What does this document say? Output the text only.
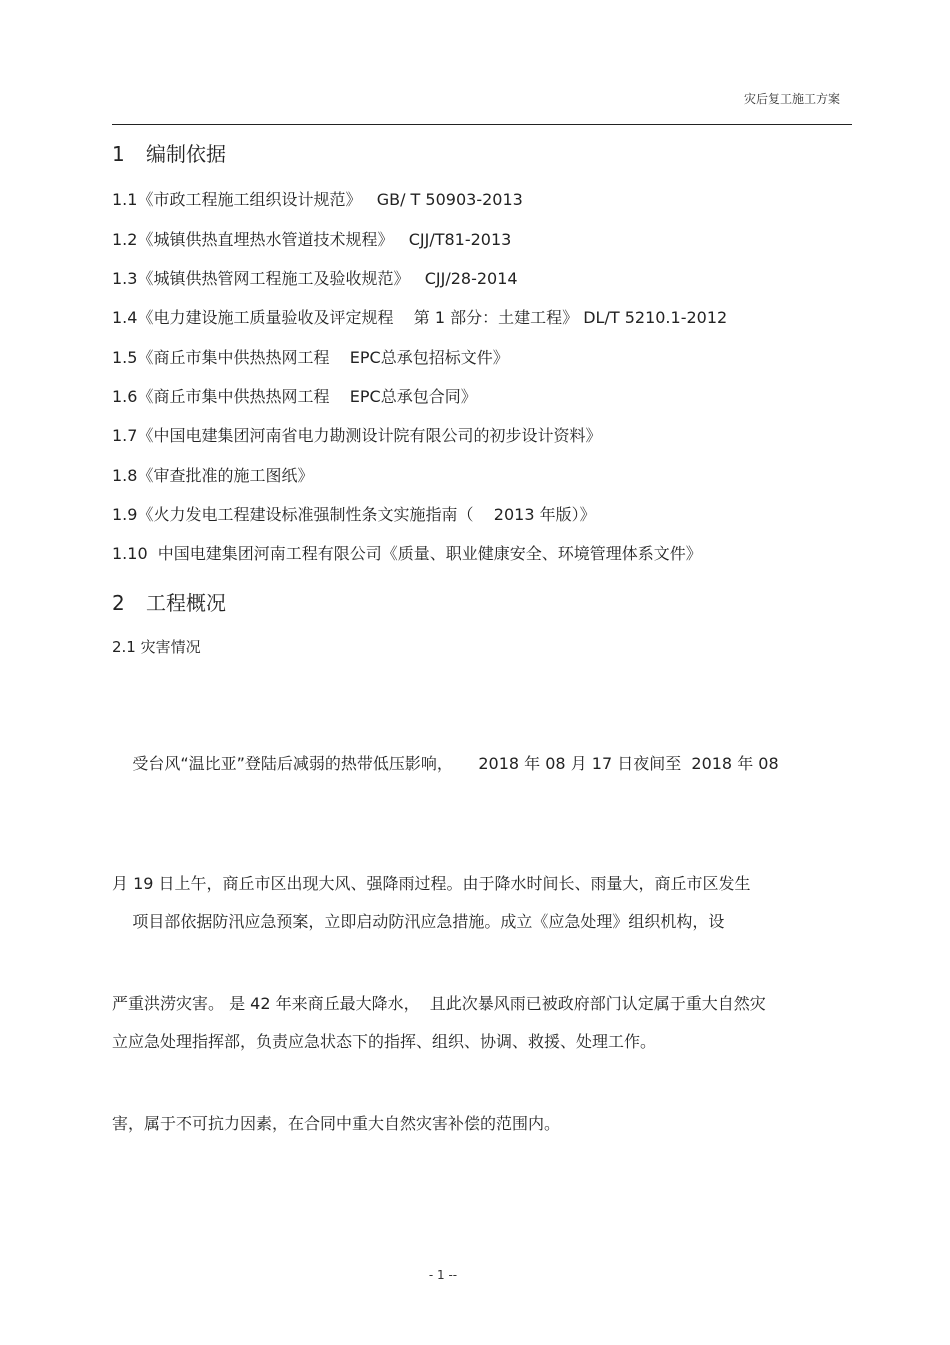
灾后复工施工方案
1 编制依据
1.1《市政工程施工组织设计规范》   GB∕ T 50903-2013
1.2《城镇供热直埋热水管道技术规程》   CJJ/T81-2013
1.3《城镇供热管网工程施工及验收规范》   CJJ/28-2014
1.4《电力建设施工质量验收及评定规程    第 1 部分：土建工程》 DL/T 5210.1-2012
1.5《商丘市集中供热热网工程    EPC总承包招标文件》
1.6《商丘市集中供热热网工程    EPC总承包合同》
1.7《中国电建集团河南省电力勘测设计院有限公司的初步设计资料》
1.8《审查批准的施工图纸》
1.9《火力发电工程建设标准强制性条文实施指南（    2013 年版）》
1.10  中国电建集团河南工程有限公司《质量、职业健康安全、环境管理体系文件》
2 工程概况
2.1 灾害情况

受台风“温比亚”登陆后减弱的热带低压影响，     2018 年 08 月 17 日夜间至  2018 年 08

月 19 日上午，商丘市区出现大风、强降雨过程。由于降水时间长、雨量大，商丘市区发生

严重洪涝灾害。 是 42 年来商丘最大降水，  且此次暴风雨已被政府部门认定属于重大自然灾

害，属于不可抗力因素，在合同中重大自然灾害补偿的范围内。

项目部依据防汛应急预案，立即启动防汛应急措施。成立《应急处理》组织机构，设

立应急处理指挥部，负责应急状态下的指挥、组织、协调、救援、处理工作。

- 1 --
